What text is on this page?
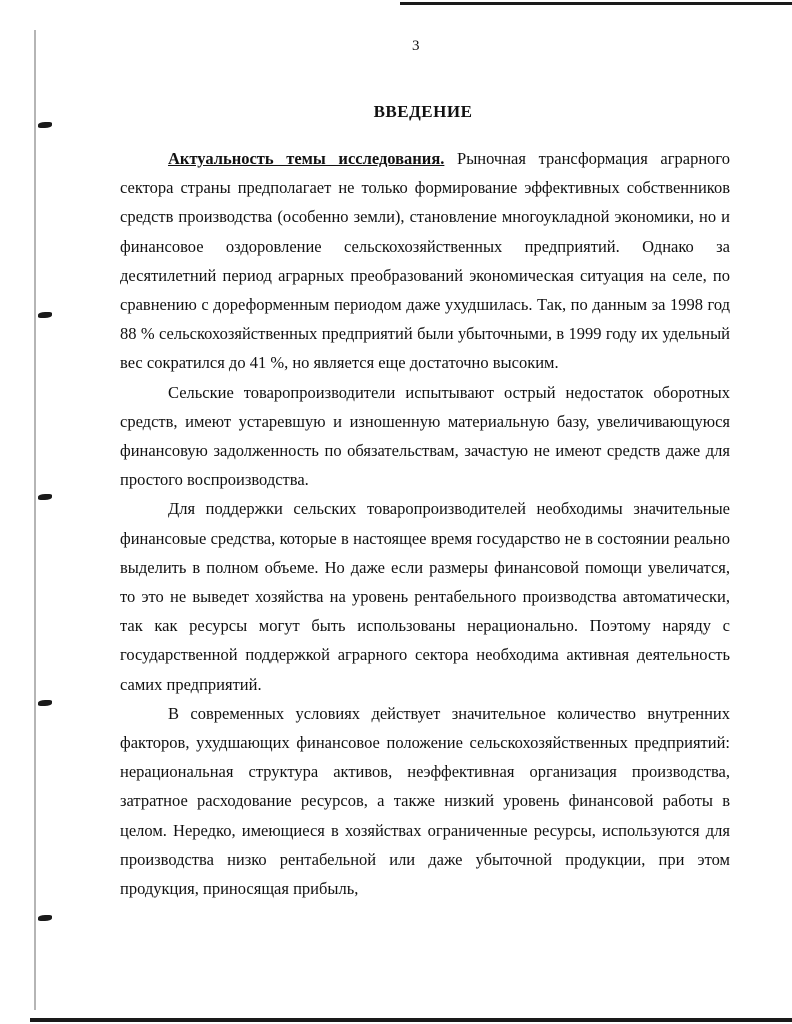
3
ВВЕДЕНИЕ

Актуальность темы исследования. Рыночная трансформация аграрного сектора страны предполагает не только формирование эффективных собственников средств производства (особенно земли), становление многоукладной экономики, но и финансовое оздоровление сельскохозяйственных предприятий. Однако за десятилетний период аграрных преобразований экономическая ситуация на селе, по сравнению с дореформенным периодом даже ухудшилась. Так, по данным за 1998 год 88 % сельскохозяйственных предприятий были убыточными, в 1999 году их удельный вес сократился до 41 %, но является еще достаточно высоким.

Сельские товаропроизводители испытывают острый недостаток оборотных средств, имеют устаревшую и изношенную материальную базу, увеличивающуюся финансовую задолженность по обязательствам, зачастую не имеют средств даже для простого воспроизводства.

Для поддержки сельских товаропроизводителей необходимы значительные финансовые средства, которые в настоящее время государство не в состоянии реально выделить в полном объеме. Но даже если размеры финансовой помощи увеличатся, то это не выведет хозяйства на уровень рентабельного производства автоматически, так как ресурсы могут быть использованы нерационально. Поэтому наряду с государственной поддержкой аграрного сектора необходима активная деятельность самих предприятий.

В современных условиях действует значительное количество внутренних факторов, ухудшающих финансовое положение сельскохозяйственных предприятий: нерациональная структура активов, неэффективная организация производства, затратное расходование ресурсов, а также низкий уровень финансовой работы в целом. Нередко, имеющиеся в хозяйствах ограниченные ресурсы, используются для производства низко рентабельной или даже убыточной продукции, при этом продукция, приносящая прибыль,
